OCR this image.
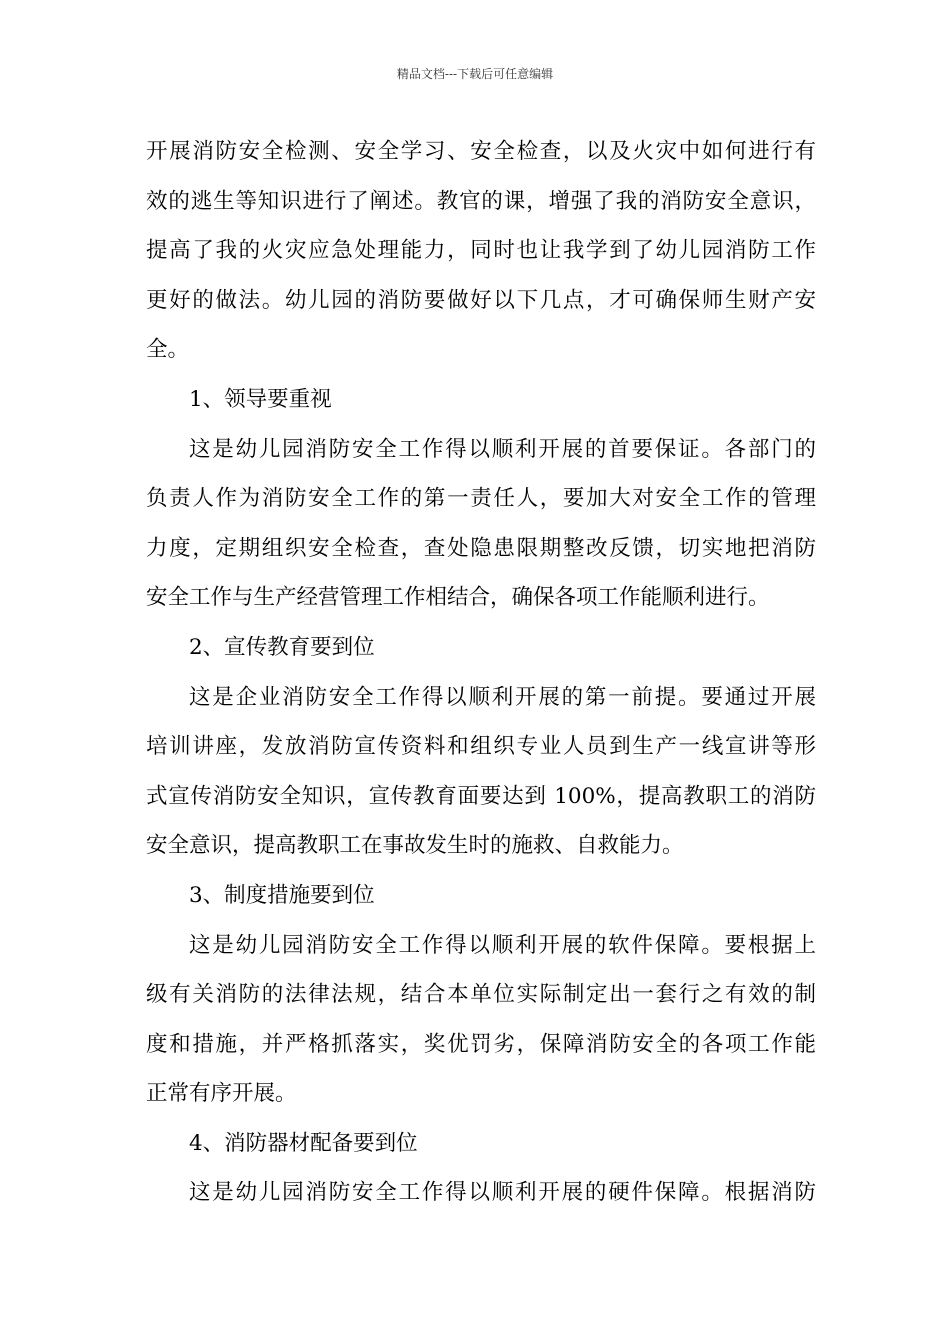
精品文档---下载后可任意编辑
开展消防安全检测、安全学习、安全检查，以及火灾中如何进行有
效的逃生等知识进行了阐述。教官的课，增强了我的消防安全意识，
提高了我的火灾应急处理能力，同时也让我学到了幼儿园消防工作
更好的做法。幼儿园的消防要做好以下几点，才可确保师生财产安
全。
1、领导要重视
这是幼儿园消防安全工作得以顺利开展的首要保证。各部门的
负责人作为消防安全工作的第一责任人，要加大对安全工作的管理
力度，定期组织安全检查，查处隐患限期整改反馈，切实地把消防
安全工作与生产经营管理工作相结合，确保各项工作能顺利进行。
2、宣传教育要到位
这是企业消防安全工作得以顺利开展的第一前提。要通过开展
培训讲座，发放消防宣传资料和组织专业人员到生产一线宣讲等形
式宣传消防安全知识，宣传教育面要达到 100%，提高教职工的消防
安全意识，提高教职工在事故发生时的施救、自救能力。
3、制度措施要到位
这是幼儿园消防安全工作得以顺利开展的软件保障。要根据上
级有关消防的法律法规，结合本单位实际制定出一套行之有效的制
度和措施，并严格抓落实，奖优罚劣，保障消防安全的各项工作能
正常有序开展。
4、消防器材配备要到位
这是幼儿园消防安全工作得以顺利开展的硬件保障。根据消防
